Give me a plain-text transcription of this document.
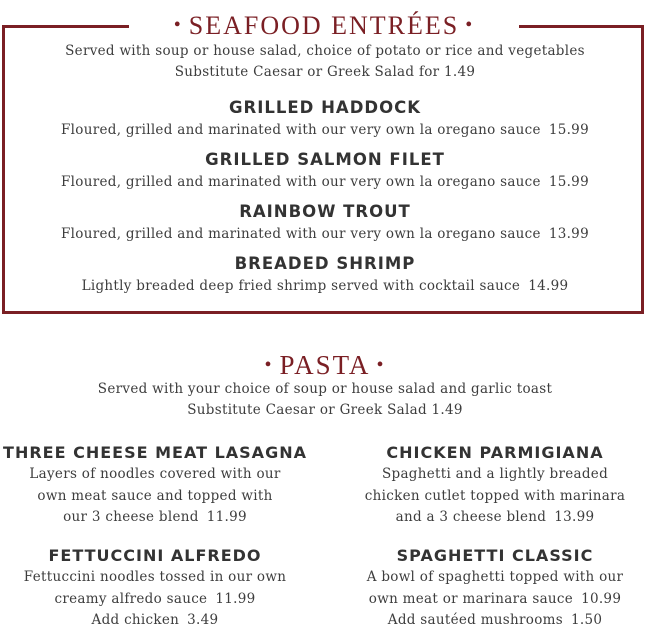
• SEAFOOD ENTRÉES •
Served with soup or house salad, choice of potato or rice and vegetables
Substitute Caesar or Greek Salad for 1.49
GRILLED HADDOCK
Floured, grilled and marinated with our very own la oregano sauce 15.99
GRILLED SALMON FILET
Floured, grilled and marinated with our very own la oregano sauce 15.99
RAINBOW TROUT
Floured, grilled and marinated with our very own la oregano sauce 13.99
BREADED SHRIMP
Lightly breaded deep fried shrimp served with cocktail sauce 14.99
• PASTA •
Served with your choice of soup or house salad and garlic toast
Substitute Caesar or Greek Salad 1.49
THREE CHEESE MEAT LASAGNA
Layers of noodles covered with our
own meat sauce and topped with
our 3 cheese blend 11.99
CHICKEN PARMIGIANA
Spaghetti and a lightly breaded
chicken cutlet topped with marinara
and a 3 cheese blend 13.99
FETTUCCINI ALFREDO
Fettuccini noodles tossed in our own
creamy alfredo sauce 11.99
Add chicken 3.49
SPAGHETTI CLASSIC
A bowl of spaghetti topped with our
own meat or marinara sauce 10.99
Add sautéed mushrooms 1.50
